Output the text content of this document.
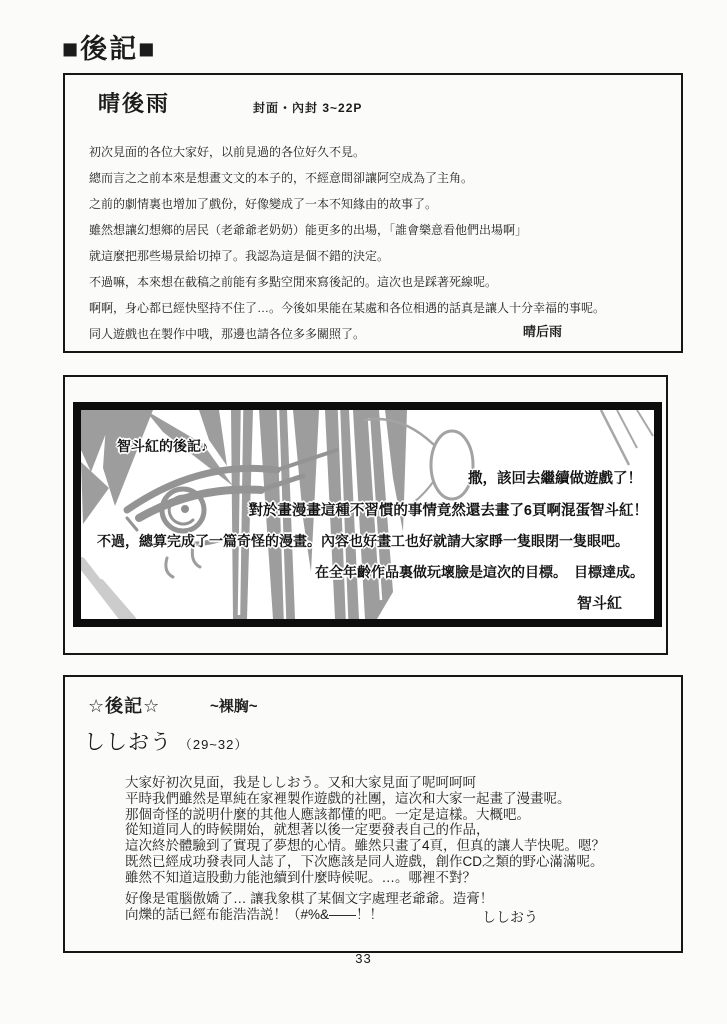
■後記■
晴後雨	封面・內封 3~22P
初次見面的各位大家好，以前見過的各位好久不見。
總而言之之前本來是想畫文文的本子的，不經意間卻讓阿空成為了主角。
之前的劇情裏也增加了戲份，好像變成了一本不知緣由的故事了。
雖然想讓幻想鄉的居民（老爺爺老奶奶）能更多的出場，「誰會樂意看他們出場啊」
就這麼把那些場景給切掉了。我認為這是個不錯的決定。
不過嘛，本來想在截稿之前能有多點空閒來寫後記的。這次也是踩著死線呢。
啊啊，身心都已經快堅持不住了…。今後如果能在某處和各位相遇的話真是讓人十分幸福的事呢。
同人遊戲也在製作中哦，那邊也請各位多多關照了。	晴后雨
智斗紅的後記♪
撒，該回去繼續做遊戲了！
對於畫漫畫這種不習慣的事情竟然還去畫了6頁啊混蛋智斗紅！
不過，總算完成了一篇奇怪的漫畫。內容也好畫工也好就請大家睜一隻眼閉一隻眼吧。
在全年齡作品裏做玩壞臉是這次的目標。　目標達成。
智斗紅
☆後記☆	~裸胸~
ししおう （29~32）
大家好初次見面，我是ししおう。又和大家見面了呢呵呵呵
平時我們雖然是單純在家裡製作遊戲的社團，這次和大家一起畫了漫畫呢。
那個奇怪的説明什麼的其他人應該都懂的吧。一定是這樣。大概吧。
從知道同人的時候開始，就想著以後一定要發表自己的作品，
這次終於體驗到了實現了夢想的心情。雖然只畫了4頁，但真的讓人芋快呢。嗯？
既然已經成功發表同人誌了，下次應該是同人遊戲，創作CD之類的野心滿滿呢。
雖然不知道這股動力能池續到什麼時候呢。…。哪裡不對？
好像是電腦傲嬌了… 讓我象棋了某個文字處理老爺爺。造膏！
向爍的話已經布能浩浩説！（#%&——！！	ししおう
33
